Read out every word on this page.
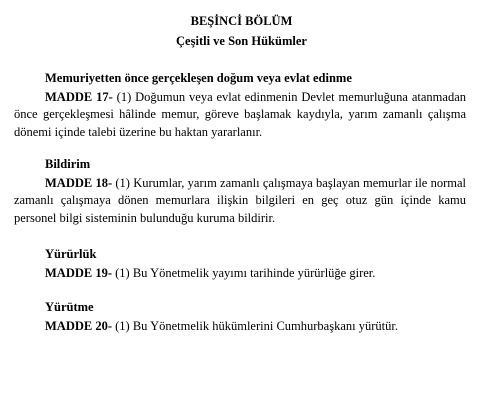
BEŞİNCİ BÖLÜM
Çeşitli ve Son Hükümler
Memuriyetten önce gerçekleşen doğum veya evlat edinme

MADDE 17- (1) Doğumun veya evlat edinmenin Devlet memurluğuna atanmadan önce gerçekleşmesi hâlinde memur, göreve başlamak kaydıyla, yarım zamanlı çalışma dönemi içinde talebi üzerine bu haktan yararlanır.

Bildirim

MADDE 18- (1) Kurumlar, yarım zamanlı çalışmaya başlayan memurlar ile normal zamanlı çalışmaya dönen memurlara ilişkin bilgileri en geç otuz gün içinde kamu personel bilgi sisteminin bulunduğu kuruma bildirir.

Yürürlük

MADDE 19- (1) Bu Yönetmelik yayımı tarihinde yürürlüğe girer.

Yürütme

MADDE 20- (1) Bu Yönetmelik hükümlerini Cumhurbaşkanı yürütür.
